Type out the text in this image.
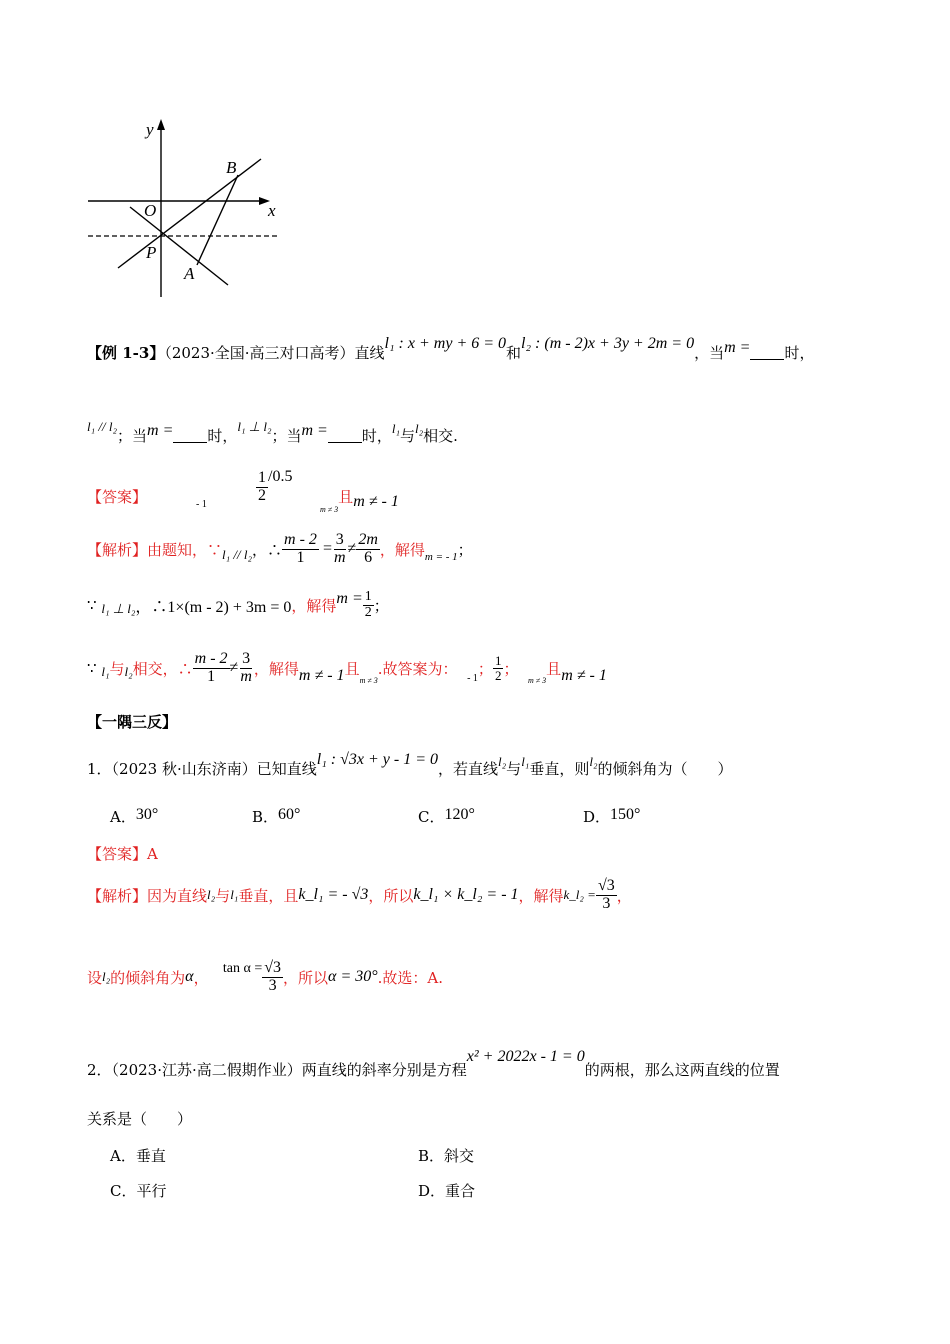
y
x
O
P
A
B
【例 1-3】（2023·全国·高三对口高考）直线l₁ : x + my + 6 = 0和l₂ : (m - 2)x + 3y + 2m = 0，当m = 时，
l₁ // l₂；当m = 时，l₁ ⊥ l₂；当m = 时，l₁与l₂相交.
【答案】	- 1	$\frac{1}{2} /0.5$
$_{m \ne 3}$且m ≠ - 1
【解析】 由题知，∵ l₁ // l₂ ，∴ $\frac{m - 2}{1} = \frac{3}{m} \ne \frac{2m}{6}$ ，解得 m = - 1 ；
∵
l₁ ⊥ l₂ ，∴1×(m - 2) + 3m = 0 ，解得 $m = \frac{1}{2}$ ；
∵
l₁ 与 l₂ 相交，∴ $\frac{m - 2}{1} \ne \frac{3}{m}$ ，解得 m ≠ - 1 且
m ≠ 3
.故答案为：

- 1
； $\frac{1}{2}$ ；

m ≠ 3
且 m ≠ - 1
【一隅三反】
1．（2023 秋·山东济南）已知直线l₁ : √3x + y - 1 = 0，若直线l₂与l₁垂直，则l₂的倾斜角为（　　）
A．30°	B．60°	C．120°	D．150°
【答案】A
【解析】 因为直线 l₂ 与 l₁ 垂直，且 k_l₁ = - √3 ，所以 k_l₁ × k_l₂ = - 1 ，解得 k_l₂ = $\frac{√3}{3}$ ，
设 l₂ 的倾斜角为 α ，
$\tan \alpha = \frac{√3}{3}$ ，所以 α = 30° .故选：A.
2．（2023·江苏·高二假期作业）两直线的斜率分别是方程x² + 2022x - 1 = 0的两根，那么这两直线的位置
关系是（　　）
A．垂直	B．斜交
C．平行	D．重合
